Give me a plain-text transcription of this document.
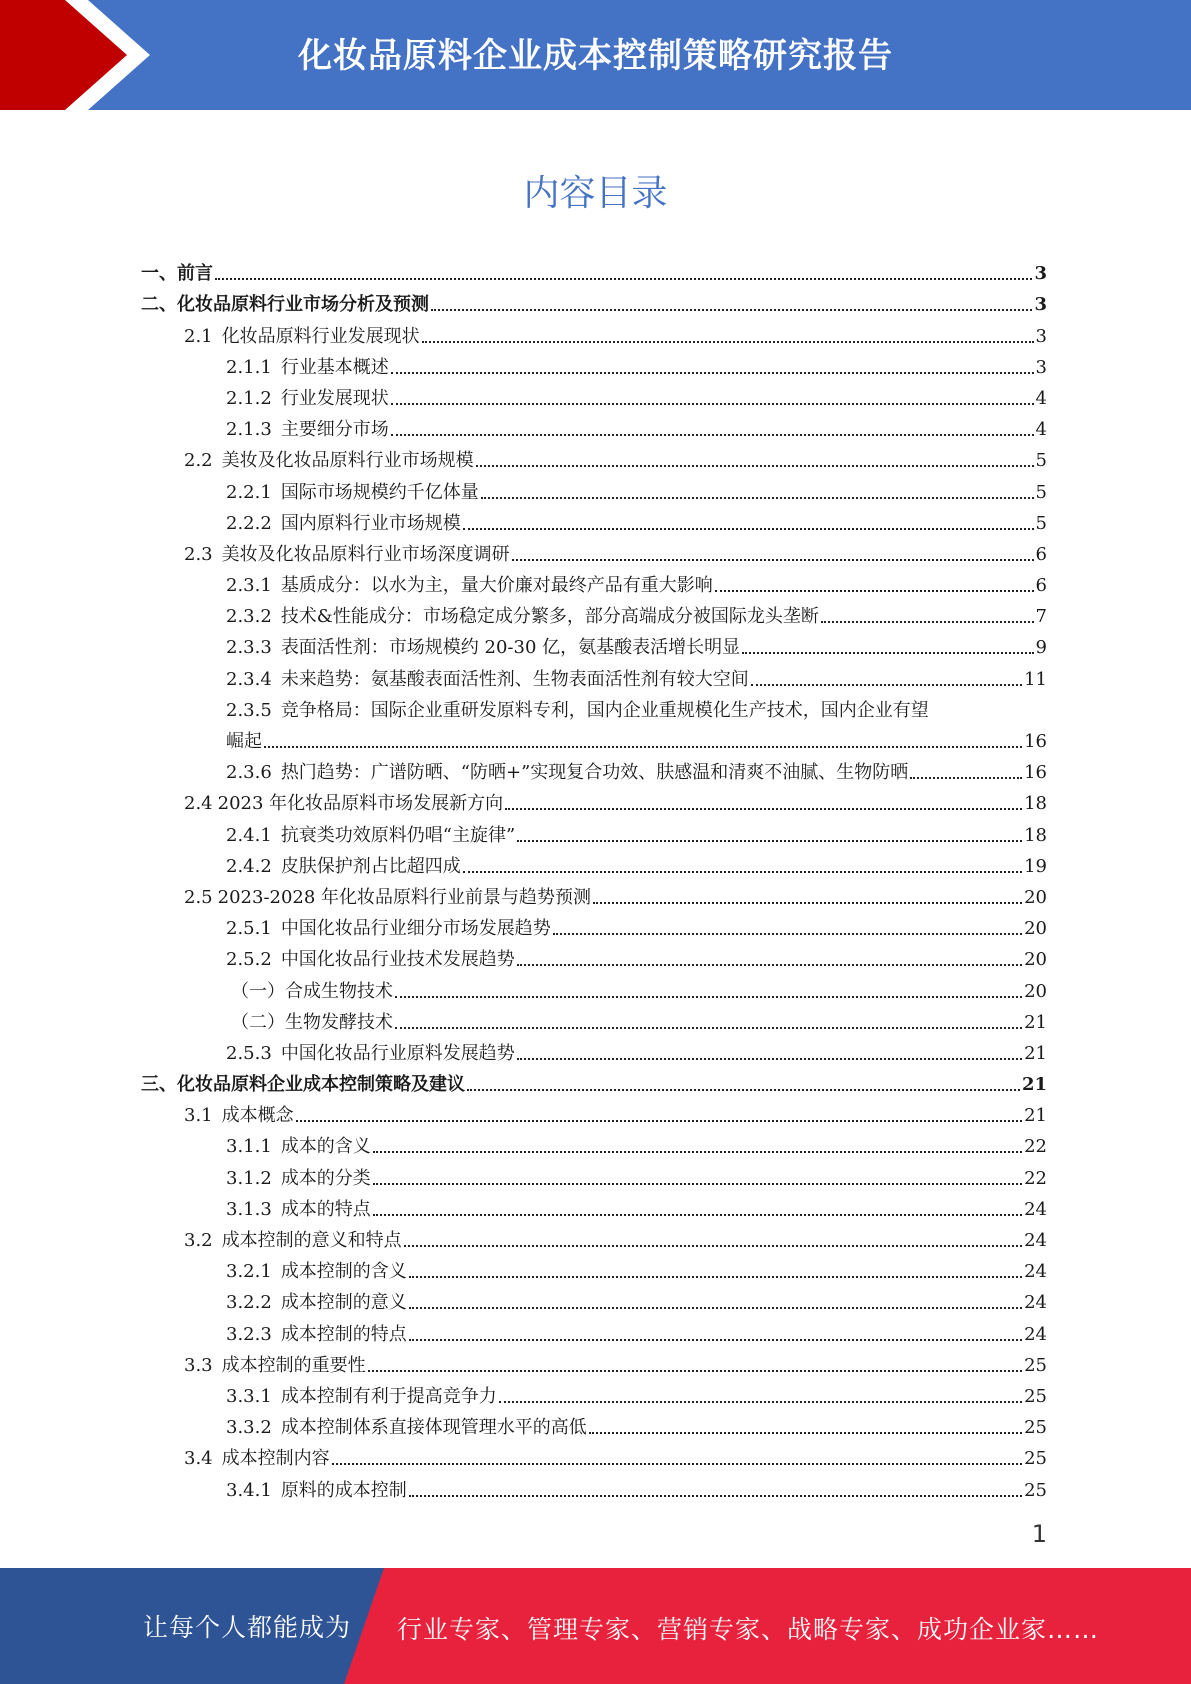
化妆品原料企业成本控制策略研究报告
内容目录
一、 前言	3
二、 化妆品原料行业市场分析及预测	3
2.1 化妆品原料行业发展现状	3
2.1.1 行业基本概述	3
2.1.2 行业发展现状	4
2.1.3 主要细分市场	4
2.2 美妆及化妆品原料行业市场规模	5
2.2.1 国际市场规模约千亿体量	5
2.2.2 国内原料行业市场规模	5
2.3 美妆及化妆品原料行业市场深度调研	6
2.3.1 基质成分：以水为主，量大价廉对最终产品有重大影响	6
2.3.2 技术&性能成分：市场稳定成分繁多，部分高端成分被国际龙头垄断	7
2.3.3 表面活性剂：市场规模约 20-30 亿，氨基酸表活增长明显	9
2.3.4 未来趋势：氨基酸表面活性剂、生物表面活性剂有较大空间	11
2.3.5 竞争格局：国际企业重研发原料专利，国内企业重规模化生产技术，国内企业有望
崛起	16
2.3.6 热门趋势：广谱防晒、“防晒+”实现复合功效、肤感温和清爽不油腻、生物防晒	16
2.4 2023 年化妆品原料市场发展新方向	18
2.4.1 抗衰类功效原料仍唱“主旋律”	18
2.4.2 皮肤保护剂占比超四成	19
2.5 2023-2028 年化妆品原料行业前景与趋势预测	20
2.5.1 中国化妆品行业细分市场发展趋势	20
2.5.2 中国化妆品行业技术发展趋势	20
（一）合成生物技术	20
（二）生物发酵技术	21
2.5.3 中国化妆品行业原料发展趋势	21
三、 化妆品原料企业成本控制策略及建议	21
3.1 成本概念	21
3.1.1 成本的含义	22
3.1.2 成本的分类	22
3.1.3 成本的特点	24
3.2 成本控制的意义和特点	24
3.2.1 成本控制的含义	24
3.2.2 成本控制的意义	24
3.2.3 成本控制的特点	24
3.3 成本控制的重要性	25
3.3.1 成本控制有利于提高竞争力	25
3.3.2 成本控制体系直接体现管理水平的高低	25
3.4 成本控制内容	25
3.4.1 原料的成本控制	25
1
让每个人都能成为 行业专家、管理专家、营销专家、战略专家、成功企业家……
